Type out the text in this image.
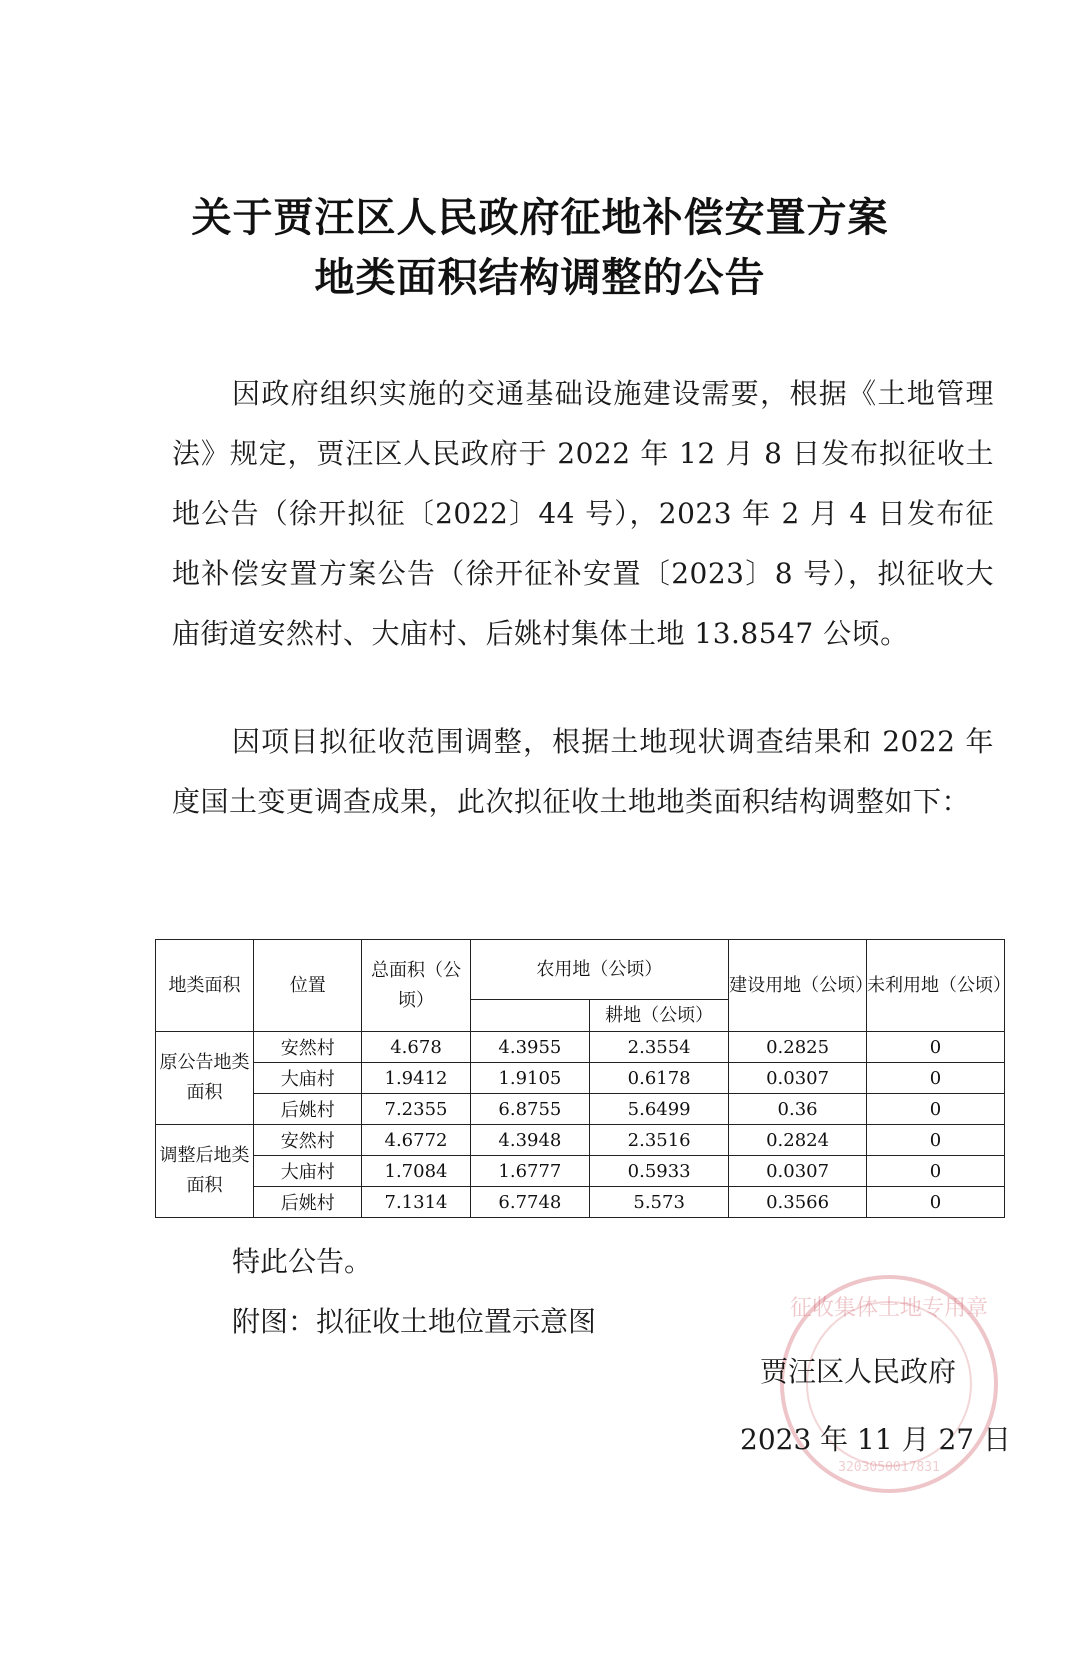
关于贾汪区人民政府征地补偿安置方案
地类面积结构调整的公告

因政府组织实施的交通基础设施建设需要，根据《土地管理法》规定，贾汪区人民政府于 2022 年 12 月 8 日发布拟征收土地公告（徐开拟征〔2022〕44 号），2023 年 2 月 4 日发布征地补偿安置方案公告（徐开征补安置〔2023〕8 号），拟征收大庙街道安然村、大庙村、后姚村集体土地 13.8547 公顷。

因项目拟征收范围调整，根据土地现状调查结果和 2022 年度国土变更调查成果，此次拟征收土地地类面积结构调整如下：

地类面积	位置	总面积（公顷）	农用地（公顷）		建设用地（公顷）	未利用地（公顷）
				耕地（公顷）		
原公告地类面积	安然村	4.678	4.3955	2.3554	0.2825	0
	大庙村	1.9412	1.9105	0.6178	0.0307	0
	后姚村	7.2355	6.8755	5.6499	0.36	0
调整后地类面积	安然村	4.6772	4.3948	2.3516	0.2824	0
	大庙村	1.7084	1.6777	0.5933	0.0307	0
	后姚村	7.1314	6.7748	5.573	0.3566	0

特此公告。

附图：拟征收土地位置示意图	征收集体土地专用章
3203050017831

贾汪区人民政府

2023 年 11 月 27 日
